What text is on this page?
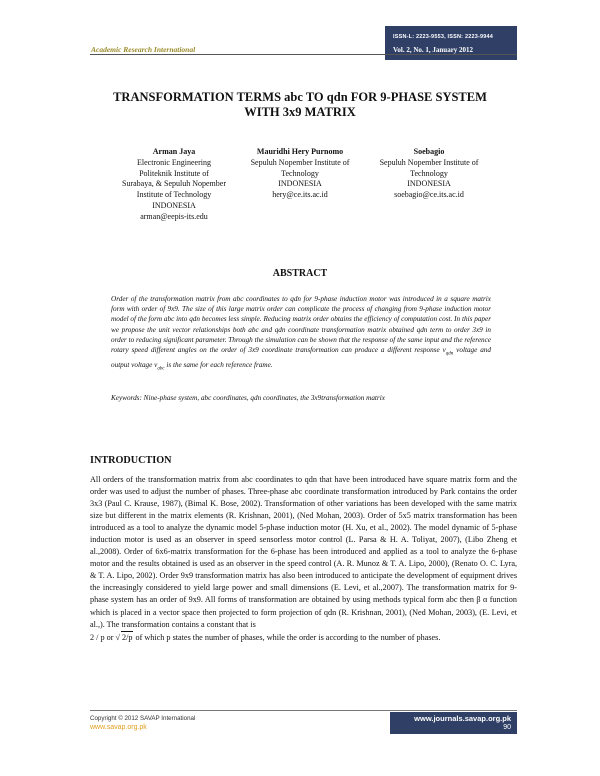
Academic Research International
ISSN-L: 2223-9553, ISSN: 2223-9944
Vol. 2, No. 1, January 2012
TRANSFORMATION TERMS abc TO qdn FOR 9-PHASE SYSTEM
WITH 3x9 MATRIX
Arman Jaya
Electronic Engineering
Politeknik Institute of
Surabaya, & Sepuluh Nopember
Institute of Technology
INDONESIA
arman@eepis-its.edu
Mauridhi Hery Purnomo
Sepuluh Nopember Institute of
Technology
INDONESIA
hery@ce.its.ac.id
Soebagio
Sepuluh Nopember Institute of
Technology
INDONESIA
soebagio@ce.its.ac.id
ABSTRACT
Order of the transformation matrix from abc coordinates to qdn for 9-phase induction motor was introduced in a square matrix form with order of 9x9. The size of this large matrix order can complicate the process of changing from 9-phase induction motor model of the form abc into qdn becomes less simple. Reducing matrix order obtains the efficiency of computation cost. In this paper we propose the unit vector relationships both abc and qdn coordinate transformation matrix obtained qdn term to order 3x9 in order to reducing significant parameter. Through the simulation can be shown that the response of the same input and the reference rotary speed different angles on the order of 3x9 coordinate transformation can produce a different response $v_{qdn}$ voltage and output voltage $v_{abc}$ is the same for each reference frame.
Keywords: Nine-phase system, abc coordinates, qdn coordinates, the 3x9transformation matrix
INTRODUCTION
All orders of the transformation matrix from abc coordinates to qdn that have been introduced have square matrix form and the order was used to adjust the number of phases. Three-phase abc coordinate transformation introduced by Park contains the order 3x3 (Paul C. Krause, 1987), (Bimal K. Bose, 2002). Transformation of other variations has been developed with the same matrix size but different in the matrix elements (R. Krishnan, 2001), (Ned Mohan, 2003). Order of 5x5 matrix transformation has been introduced as a tool to analyze the dynamic model 5-phase induction motor (H. Xu, et al., 2002). The model dynamic of 5-phase induction motor is used as an observer in speed sensorless motor control (L. Parsa & H. A. Toliyat, 2007), (Libo Zheng et al.,2008). Order of 6x6-matrix transformation for the 6-phase has been introduced and applied as a tool to analyze the 6-phase motor and the results obtained is used as an observer in the speed control (A. R. Munoz & T. A. Lipo, 2000), (Renato O. C. Lyra, & T. A. Lipo, 2002). Order 9x9 transformation matrix has also been introduced to anticipate the development of equipment drives the increasingly considered to yield large power and small dimensions (E. Levi, et al.,2007). The transformation matrix for 9-phase system has an order of 9x9. All forms of transformation are obtained by using methods typical form abc then β α function which is placed in a vector space then projected to form projection of qdn (R. Krishnan, 2001), (Ned Mohan, 2003), (E. Levi, et al.,). The transformation contains a constant that is
2 / p or √ 2/p of which p states the number of phases, while the order is according to the number of phases.
Copyright © 2012 SAVAP International
www.savap.org.pk
www.journals.savap.org.pk
90
